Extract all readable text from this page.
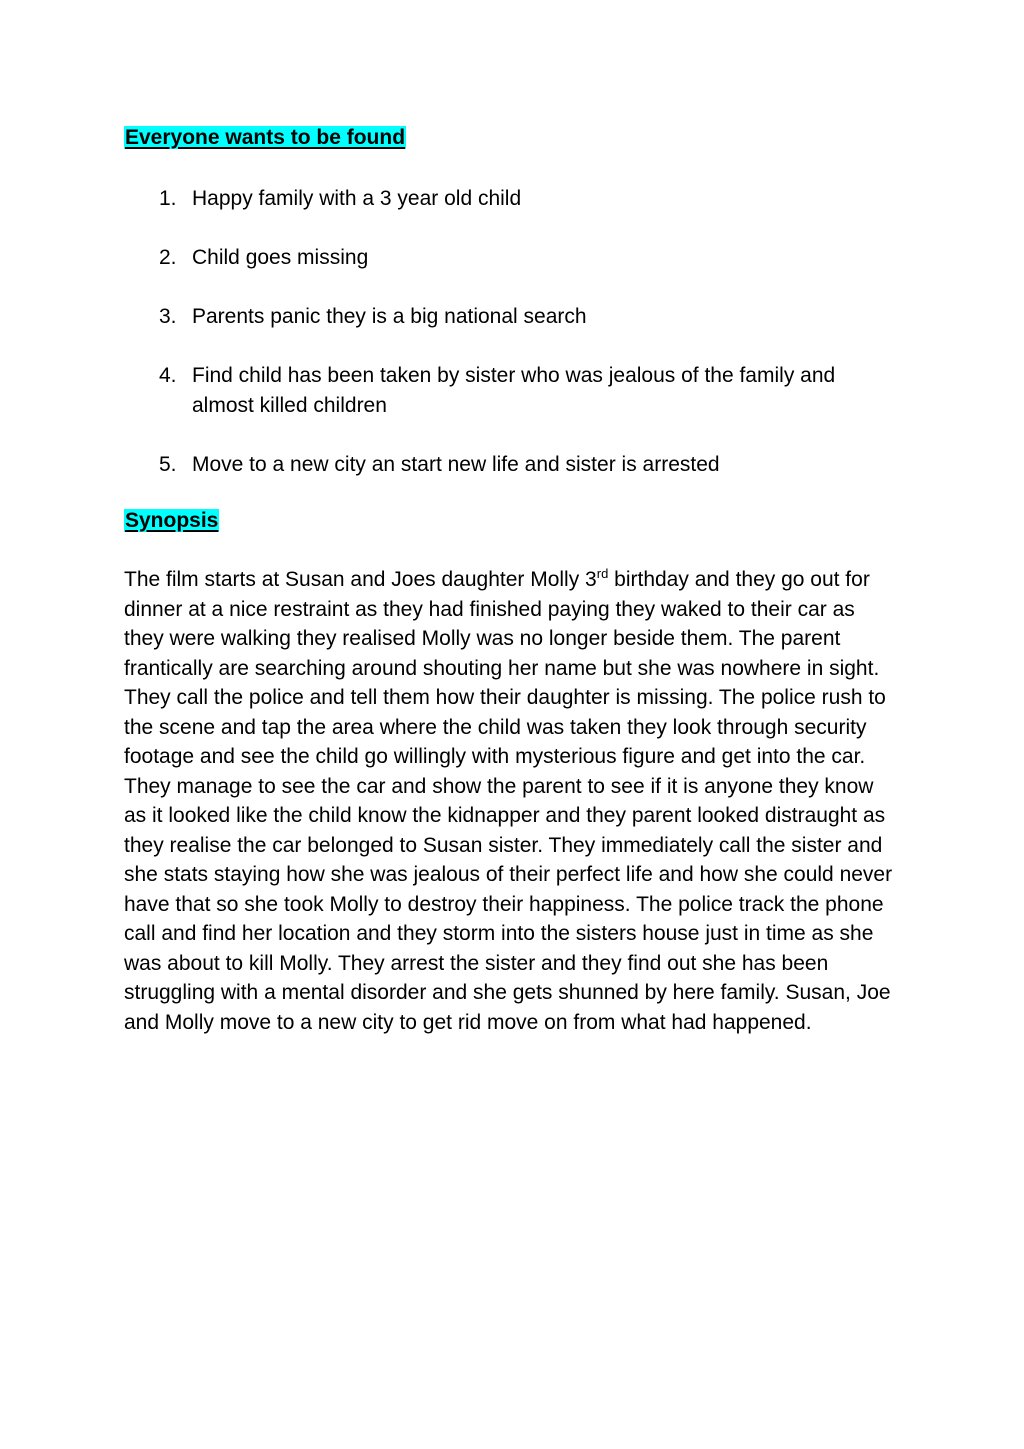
Everyone wants to be found
1. Happy family with a 3 year old child
2. Child goes missing
3. Parents panic they is a big national search
4. Find child has been taken by sister who was jealous of the family and almost killed children
5. Move to a new city an start new life and sister is arrested
Synopsis

The film starts at Susan and Joes daughter Molly 3rd birthday and they go out for dinner at a nice restraint as they had finished paying they waked to their car as they were walking they realised Molly was no longer beside them. The parent frantically are searching around shouting her name but she was nowhere in sight. They call the police and tell them how their daughter is missing. The police rush to the scene and tap the area where the child was taken they look through security footage and see the child go willingly with mysterious figure and get into the car. They manage to see the car and show the parent to see if it is anyone they know as it looked like the child know the kidnapper and they parent looked distraught as they realise the car belonged to Susan sister. They immediately call the sister and she stats staying how she was jealous of their perfect life and how she could never have that so she took Molly to destroy their happiness. The police track the phone call and find her location and they storm into the sisters house just in time as she was about to kill Molly. They arrest the sister and they find out she has been struggling with a mental disorder and she gets shunned by here family. Susan, Joe and Molly move to a new city to get rid move on from what had happened.
